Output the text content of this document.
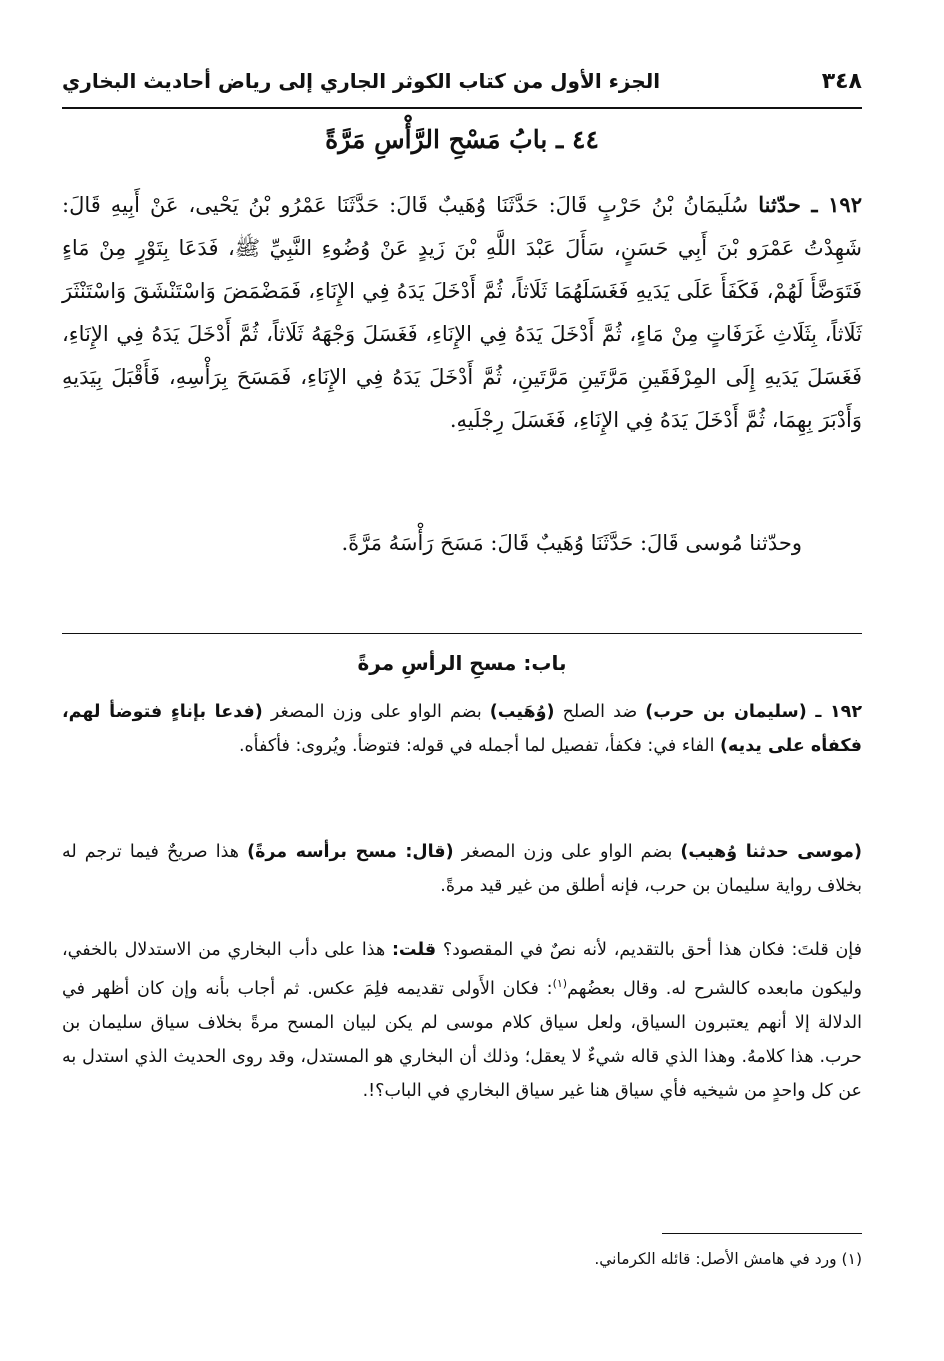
٣٤٨
الجزء الأول من كتاب الكوثر الجاري إلى رياض أحاديث البخاري
٤٤ ـ بابُ مَسْحِ الرَّأْسِ مَرَّةً
١٩٢ ـ حدّثنا سُلَيمَانُ بْنُ حَرْبٍ قَالَ: حَدَّثَنَا وُهَيبٌ قَالَ: حَدَّثَنَا عَمْرُو بْنُ يَحْيى، عَنْ أَبِيهِ قَالَ: شَهِدْتُ عَمْرَو بْنَ أَبِي حَسَنٍ، سَأَلَ عَبْدَ اللَّهِ بْنَ زَيدٍ عَنْ وُضُوءِ النَّبِيِّ ﷺ، فَدَعَا بِتَوْرٍ مِنْ مَاءٍ فَتَوَضَّأَ لَهُمْ، فَكَفَأَ عَلَى يَدَيهِ فَغَسَلَهُمَا ثَلَاثاً، ثُمَّ أَدْخَلَ يَدَهُ فِي الإِنَاءِ، فَمَضْمَضَ وَاسْتَنْشَقَ وَاسْتَنْثَرَ ثَلَاثاً، بِثَلَاثِ غَرَفَاتٍ مِنْ مَاءٍ، ثُمَّ أَدْخَلَ يَدَهُ فِي الإِنَاءِ، فَغَسَلَ وَجْهَهُ ثَلَاثاً، ثُمَّ أَدْخَلَ يَدَهُ فِي الإِنَاءِ، فَغَسَلَ يَدَيهِ إِلَى المِرْفَقَينِ مَرَّتَينِ مَرَّتَينِ، ثُمَّ أَدْخَلَ يَدَهُ فِي الإِنَاءِ، فَمَسَحَ بِرَأْسِهِ، فَأَقْبَلَ بِيَدَيهِ وَأَدْبَرَ بِهِمَا، ثُمَّ أَدْخَلَ يَدَهُ فِي الإِنَاءِ، فَغَسَلَ رِجْلَيهِ.
وحدّثنا مُوسى قَالَ: حَدَّثَنَا وُهَيبٌ قَالَ: مَسَحَ رَأْسَهُ مَرَّةً.
باب: مسحِ الرأسِ مرةً
١٩٢ ـ (سليمان بن حرب) ضد الصلح (وُهَيب) بضم الواو على وزن المصغر (فدعا بإناءٍ فتوضأ لهم، فكفأه على يديه) الفاء في: فكفأ، تفصيل لما أجمله في قوله: فتوضأ. ويُروى: فأكفأه.
(موسى حدثنا وُهيب) بضم الواو على وزن المصغر (قال: مسح برأسه مرةً) هذا صريحٌ فيما ترجم له بخلاف رواية سليمان بن حرب، فإنه أطلق من غير قيد مرةً.
فإن قلتَ: فكان هذا أحق بالتقديم، لأنه نصٌ في المقصود؟ قلت: هذا على دأب البخاري من الاستدلال بالخفي، وليكون مابعده كالشرح له. وقال بعضُهم$^{(١)}$: فكان الأَولى تقديمه فلِمَ عكس. ثم أجاب بأنه وإن كان أظهر في الدلالة إلا أنهم يعتبرون السياق، ولعل سياق كلام موسى لم يكن لبيان المسح مرةً بخلاف سياق سليمان بن حرب. هذا كلامهُ. وهذا الذي قاله شيءٌ لا يعقل؛ وذلك أن البخاري هو المستدل، وقد روى الحديث الذي استدل به عن كل واحدٍ من شيخيه فأي سياق هنا غير سياق البخاري في الباب؟!.
(١) ورد في هامش الأصل: قائله الكرماني.
